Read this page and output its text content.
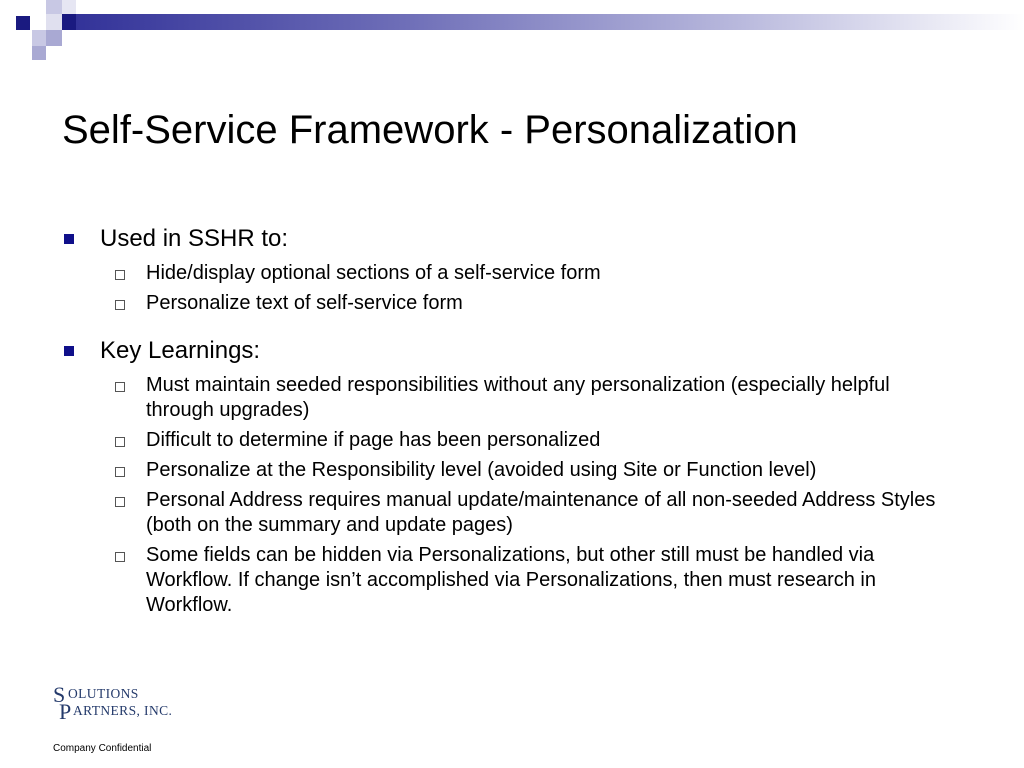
Self-Service Framework - Personalization
Used in SSHR to:
Hide/display optional sections of a self-service form
Personalize text of self-service form
Key Learnings:
Must maintain seeded responsibilities without any personalization (especially helpful through upgrades)
Difficult to determine if page has been personalized
Personalize at the Responsibility level (avoided using Site or Function level)
Personal Address requires manual update/maintenance of all non-seeded Address Styles (both on the summary and update pages)
Some fields can be hidden via Personalizations, but other still must be handled via Workflow. If change isn’t accomplished via Personalizations, then must research in Workflow.
S OLUTIONS
P ARTNERS, INC.
Company Confidential
